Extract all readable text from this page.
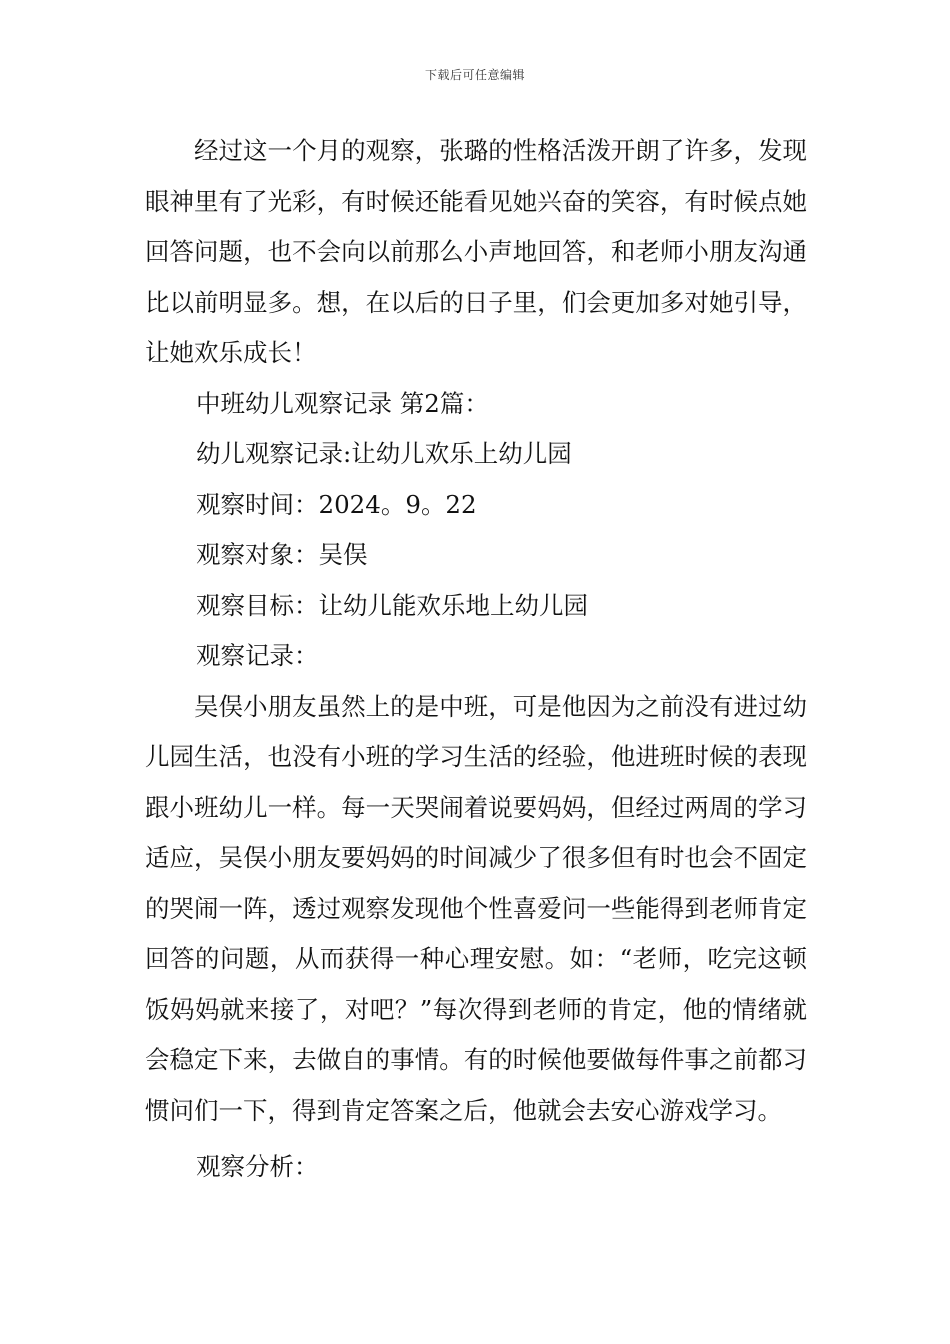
下载后可任意编辑

经过这一个月的观察，张璐的性格活泼开朗了许多，发现眼神里有了光彩，有时候还能看见她兴奋的笑容，有时候点她回答问题，也不会向以前那么小声地回答，和老师小朋友沟通比以前明显多。想，在以后的日子里，们会更加多对她引导，让她欢乐成长！

中班幼儿观察记录 第2篇：

幼儿观察记录:让幼儿欢乐上幼儿园

观察时间：2024。9。22

观察对象：吴俣

观察目标：让幼儿能欢乐地上幼儿园

观察记录：

吴俣小朋友虽然上的是中班，可是他因为之前没有进过幼儿园生活，也没有小班的学习生活的经验，他进班时候的表现跟小班幼儿一样。每一天哭闹着说要妈妈，但经过两周的学习适应，吴俣小朋友要妈妈的时间减少了很多但有时也会不固定的哭闹一阵，透过观察发现他个性喜爱问一些能得到老师肯定回答的问题，从而获得一种心理安慰。如：“老师，吃完这顿饭妈妈就来接了，对吧？”每次得到老师的肯定，他的情绪就会稳定下来，去做自的事情。有的时候他要做每件事之前都习惯问们一下，得到肯定答案之后，他就会去安心游戏学习。

观察分析：
